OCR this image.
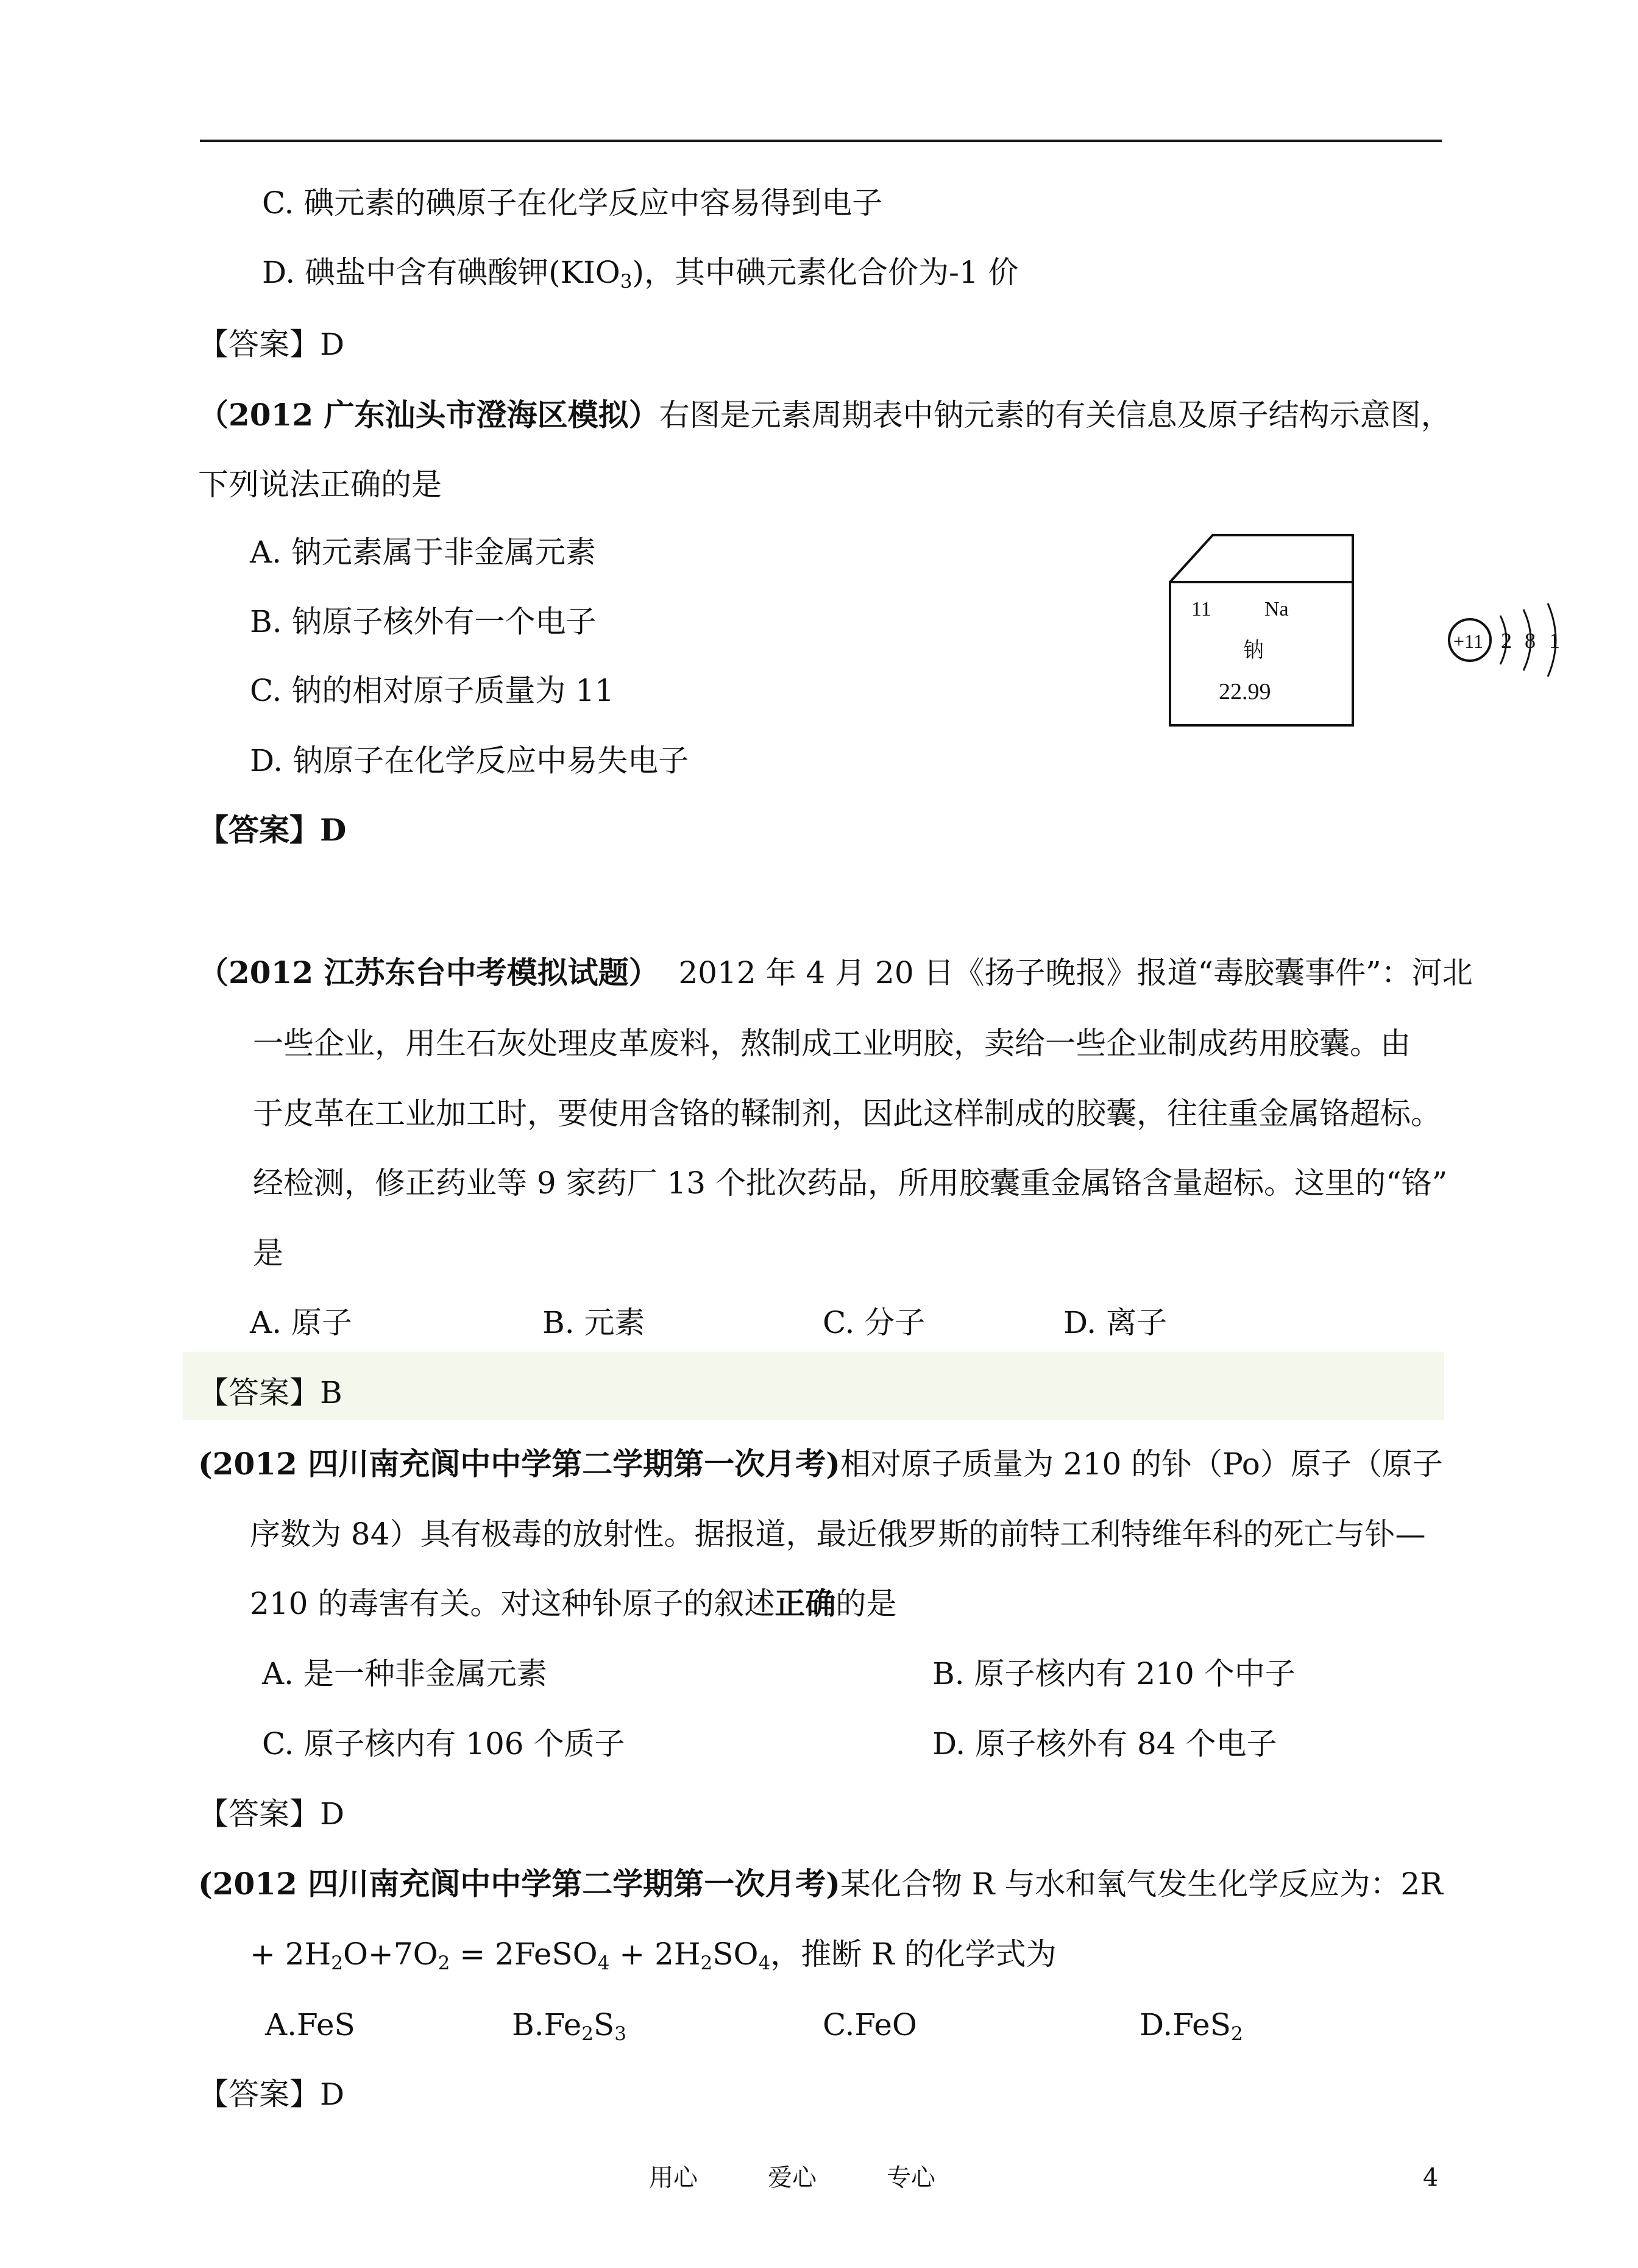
C. 碘元素的碘原子在化学反应中容易得到电子
D. 碘盐中含有碘酸钾$(KIO_3)$，其中碘元素化合价为-1 价
【答案】D
（2012 广东汕头市澄海区模拟）右图是元素周期表中钠元素的有关信息及原子结构示意图，
下列说法正确的是
A. 钠元素属于非金属元素
B. 钠原子核外有一个电子
C. 钠的相对原子质量为 11
D. 钠原子在化学反应中易失电子
【答案】D
11	Na
钠
22.99
+11 2 8 1
（2012 江苏东台中考模拟试题） 2012 年 4 月 20 日《扬子晚报》报道“毒胶囊事件”：河北
一些企业，用生石灰处理皮革废料，熬制成工业明胶，卖给一些企业制成药用胶囊。由
于皮革在工业加工时，要使用含铬的鞣制剂，因此这样制成的胶囊，往往重金属铬超标。
经检测，修正药业等 9 家药厂 13 个批次药品，所用胶囊重金属铬含量超标。这里的“铬”
是
A. 原子	B. 元素	C. 分子	D. 离子
【答案】B
(2012 四川南充阆中中学第二学期第一次月考)相对原子质量为 210 的钋（Po）原子（原子
序数为 84）具有极毒的放射性。据报道，最近俄罗斯的前特工利特维年科的死亡与钋—
210 的毒害有关。对这种钋原子的叙述正确的是
A. 是一种非金属元素	B. 原子核内有 210 个中子
C. 原子核内有 106 个质子	D. 原子核外有 84 个电子
【答案】D
(2012 四川南充阆中中学第二学期第一次月考)某化合物 R 与水和氧气发生化学反应为：2R
+ $2H_2O+7O_2$ = 2FeSO$_4$ + $2H_2SO_4$，推断 R 的化学式为
A.FeS	$B.Fe_2S_3$	C.FeO	D.FeS$_2$
【答案】D
用心	爱心	专心	4
